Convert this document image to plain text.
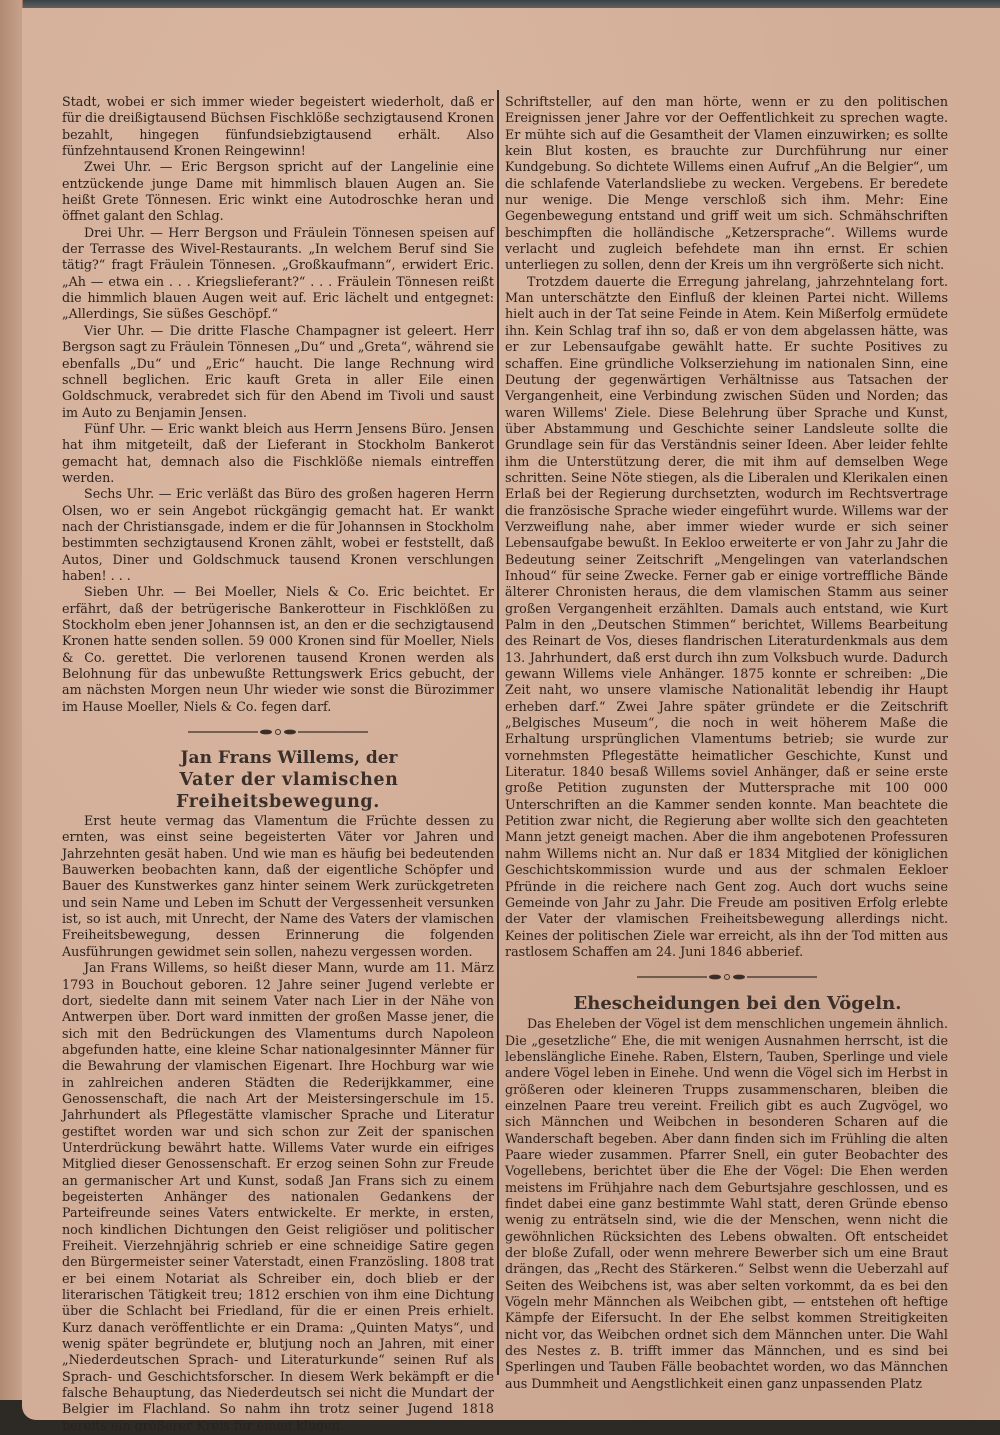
Stadt, wobei er sich immer wieder begeistert wiederholt, daß er für die dreißigtausend Büchsen Fischklöße sechzigtausend Kronen bezahlt, hingegen fünfundsiebzigtausend erhält. Also fünfzehntausend Kronen Reingewinn!

Zwei Uhr. — Eric Bergson spricht auf der Langelinie eine entzückende junge Dame mit himmlisch blauen Augen an. Sie heißt Grete Tönnesen. Eric winkt eine Autodroschke heran und öffnet galant den Schlag.

Drei Uhr. — Herr Bergson und Fräulein Tönnesen speisen auf der Terrasse des Wivel-Restaurants. „In welchem Beruf sind Sie tätig?“ fragt Fräulein Tönnesen. „Großkaufmann“, erwidert Eric. „Ah — etwa ein . . . Kriegslieferant?“ . . . Fräulein Tönnesen reißt die himmlich blauen Augen weit auf. Eric lächelt und entgegnet: „Allerdings, Sie süßes Geschöpf.“

Vier Uhr. — Die dritte Flasche Champagner ist geleert. Herr Bergson sagt zu Fräulein Tönnesen „Du“ und „Greta“, während sie ebenfalls „Du“ und „Eric“ haucht. Die lange Rechnung wird schnell beglichen. Eric kauft Greta in aller Eile einen Goldschmuck, verabredet sich für den Abend im Tivoli und saust im Auto zu Benjamin Jensen.

Fünf Uhr. — Eric wankt bleich aus Herrn Jensens Büro. Jensen hat ihm mitgeteilt, daß der Lieferant in Stockholm Bankerot gemacht hat, demnach also die Fischklöße niemals eintreffen werden.

Sechs Uhr. — Eric verläßt das Büro des großen hageren Herrn Olsen, wo er sein Angebot rückgängig gemacht hat. Er wankt nach der Christiansgade, indem er die für Johannsen in Stockholm bestimmten sechzigtausend Kronen zählt, wobei er feststellt, daß Autos, Diner und Goldschmuck tausend Kronen verschlungen haben! . . .

Sieben Uhr. — Bei Moeller, Niels & Co. Eric beichtet. Er erfährt, daß der betrügerische Bankerotteur in Fischklößen zu Stockholm eben jener Johannsen ist, an den er die sechzigtausend Kronen hatte senden sollen. 59 000 Kronen sind für Moeller, Niels & Co. gerettet. Die verlorenen tausend Kronen werden als Belohnung für das unbewußte Rettungswerk Erics gebucht, der am nächsten Morgen neun Uhr wieder wie sonst die Bürozimmer im Hause Moeller, Niels & Co. fegen darf.

Jan Frans Willems, der

Vater der vlamischen Freiheitsbewegung.

Erst heute vermag das Vlamentum die Früchte dessen zu ernten, was einst seine begeisterten Väter vor Jahren und Jahrzehnten gesät haben. Und wie man es häufig bei bedeutenden Bauwerken beobachten kann, daß der eigentliche Schöpfer und Bauer des Kunstwerkes ganz hinter seinem Werk zurückgetreten und sein Name und Leben im Schutt der Vergessenheit versunken ist, so ist auch, mit Unrecht, der Name des Vaters der vlamischen Freiheitsbewegung, dessen Erinnerung die folgenden Ausführungen gewidmet sein sollen, nahezu vergessen worden.

Jan Frans Willems, so heißt dieser Mann, wurde am 11. März 1793 in Bouchout geboren. 12 Jahre seiner Jugend verlebte er dort, siedelte dann mit seinem Vater nach Lier in der Nähe von Antwerpen über. Dort ward inmitten der großen Masse jener, die sich mit den Bedrückungen des Vlamentums durch Napoleon abgefunden hatte, eine kleine Schar nationalgesinnter Männer für die Bewahrung der vlamischen Eigenart. Ihre Hochburg war wie in zahlreichen anderen Städten die Rederijkkammer, eine Genossenschaft, die nach Art der Meistersingerschule im 15. Jahrhundert als Pflegestätte vlamischer Sprache und Literatur gestiftet worden war und sich schon zur Zeit der spanischen Unterdrückung bewährt hatte. Willems Vater wurde ein eifriges Mitglied dieser Genossenschaft. Er erzog seinen Sohn zur Freude an germanischer Art und Kunst, sodaß Jan Frans sich zu einem begeisterten Anhänger des nationalen Gedankens der Parteifreunde seines Vaters entwickelte. Er merkte, in ersten, noch kindlichen Dichtungen den Geist religiöser und politischer Freiheit. Vierzehnjährig schrieb er eine schneidige Satire gegen den Bürgermeister seiner Vaterstadt, einen Französling. 1808 trat er bei einem Notariat als Schreiber ein, doch blieb er der literarischen Tätigkeit treu; 1812 erschien von ihm eine Dichtung über die Schlacht bei Friedland, für die er einen Preis erhielt. Kurz danach veröffentlichte er ein Drama: „Quinten Matys“, und wenig später begründete er, blutjung noch an Jahren, mit einer „Niederdeutschen Sprach- und Literaturkunde“ seinen Ruf als Sprach- und Geschichtsforscher. In diesem Werk bekämpft er die falsche Behauptung, das Niederdeutsch sei nicht die Mundart der Belgier im Flachland. So nahm ihn trotz seiner Jugend 1818 bereits ein größerer Kreis für einen klugen

Schriftsteller, auf den man hörte, wenn er zu den politischen Ereignissen jener Jahre vor der Oeffentlichkeit zu sprechen wagte. Er mühte sich auf die Gesamtheit der Vlamen einzuwirken; es sollte kein Blut kosten, es brauchte zur Durchführung nur einer Kundgebung. So dichtete Willems einen Aufruf „An die Belgier“, um die schlafende Vaterlandsliebe zu wecken. Vergebens. Er beredete nur wenige. Die Menge verschloß sich ihm. Mehr: Eine Gegenbewegung entstand und griff weit um sich. Schmähschriften beschimpften die holländische „Ketzersprache“. Willems wurde verlacht und zugleich befehdete man ihn ernst. Er schien unterliegen zu sollen, denn der Kreis um ihn vergrößerte sich nicht.

Trotzdem dauerte die Erregung jahrelang, jahrzehntelang fort. Man unterschätzte den Einfluß der kleinen Partei nicht. Willems hielt auch in der Tat seine Feinde in Atem. Kein Mißerfolg ermüdete ihn. Kein Schlag traf ihn so, daß er von dem abgelassen hätte, was er zur Lebensaufgabe gewählt hatte. Er suchte Positives zu schaffen. Eine gründliche Volkserziehung im nationalen Sinn, eine Deutung der gegenwärtigen Verhältnisse aus Tatsachen der Vergangenheit, eine Verbindung zwischen Süden und Norden; das waren Willems' Ziele. Diese Belehrung über Sprache und Kunst, über Abstammung und Geschichte seiner Landsleute sollte die Grundlage sein für das Verständnis seiner Ideen. Aber leider fehlte ihm die Unterstützung derer, die mit ihm auf demselben Wege schritten. Seine Nöte stiegen, als die Liberalen und Klerikalen einen Erlaß bei der Regierung durchsetzten, wodurch im Rechtsvertrage die französische Sprache wieder eingeführt wurde. Willems war der Verzweiflung nahe, aber immer wieder wurde er sich seiner Lebensaufgabe bewußt. In Eekloo erweiterte er von Jahr zu Jahr die Bedeutung seiner Zeitschrift „Mengelingen van vaterlandschen Inhoud“ für seine Zwecke. Ferner gab er einige vortreffliche Bände älterer Chronisten heraus, die dem vlamischen Stamm aus seiner großen Vergangenheit erzählten. Damals auch entstand, wie Kurt Palm in den „Deutschen Stimmen“ berichtet, Willems Bearbeitung des Reinart de Vos, dieses flandrischen Literaturdenkmals aus dem 13. Jahrhundert, daß erst durch ihn zum Volksbuch wurde. Dadurch gewann Willems viele Anhänger. 1875 konnte er schreiben: „Die Zeit naht, wo unsere vlamische Nationalität lebendig ihr Haupt erheben darf.“ Zwei Jahre später gründete er die Zeitschrift „Belgisches Museum“, die noch in weit höherem Maße die Erhaltung ursprünglichen Vlamentums betrieb; sie wurde zur vornehmsten Pflegestätte heimatlicher Geschichte, Kunst und Literatur. 1840 besaß Willems soviel Anhänger, daß er seine erste große Petition zugunsten der Muttersprache mit 100 000 Unterschriften an die Kammer senden konnte. Man beachtete die Petition zwar nicht, die Regierung aber wollte sich den geachteten Mann jetzt geneigt machen. Aber die ihm angebotenen Professuren nahm Willems nicht an. Nur daß er 1834 Mitglied der königlichen Geschichtskommission wurde und aus der schmalen Eekloer Pfründe in die reichere nach Gent zog. Auch dort wuchs seine Gemeinde von Jahr zu Jahr. Die Freude am positiven Erfolg erlebte der Vater der vlamischen Freiheitsbewegung allerdings nicht. Keines der politischen Ziele war erreicht, als ihn der Tod mitten aus rastlosem Schaffen am 24. Juni 1846 abberief.

Ehescheidungen bei den Vögeln.

Das Eheleben der Vögel ist dem menschlichen ungemein ähnlich. Die „gesetzliche“ Ehe, die mit wenigen Ausnahmen herrscht, ist die lebenslängliche Einehe. Raben, Elstern, Tauben, Sperlinge und viele andere Vögel leben in Einehe. Und wenn die Vögel sich im Herbst in größeren oder kleineren Trupps zusammenscharen, bleiben die einzelnen Paare treu vereint. Freilich gibt es auch Zugvögel, wo sich Männchen und Weibchen in besonderen Scharen auf die Wanderschaft begeben. Aber dann finden sich im Frühling die alten Paare wieder zusammen. Pfarrer Snell, ein guter Beobachter des Vogellebens, berichtet über die Ehe der Vögel: Die Ehen werden meistens im Frühjahre nach dem Geburtsjahre geschlossen, und es findet dabei eine ganz bestimmte Wahl statt, deren Gründe ebenso wenig zu enträtseln sind, wie die der Menschen, wenn nicht die gewöhnlichen Rücksichten des Lebens obwalten. Oft entscheidet der bloße Zufall, oder wenn mehrere Bewerber sich um eine Braut drängen, das „Recht des Stärkeren.“ Selbst wenn die Ueberzahl auf Seiten des Weibchens ist, was aber selten vorkommt, da es bei den Vögeln mehr Männchen als Weibchen gibt, — entstehen oft heftige Kämpfe der Eifersucht. In der Ehe selbst kommen Streitigkeiten nicht vor, das Weibchen ordnet sich dem Männchen unter. Die Wahl des Nestes z. B. trifft immer das Männchen, und es sind bei Sperlingen und Tauben Fälle beobachtet worden, wo das Männchen aus Dummheit und Aengstlichkeit einen ganz unpassenden Platz
